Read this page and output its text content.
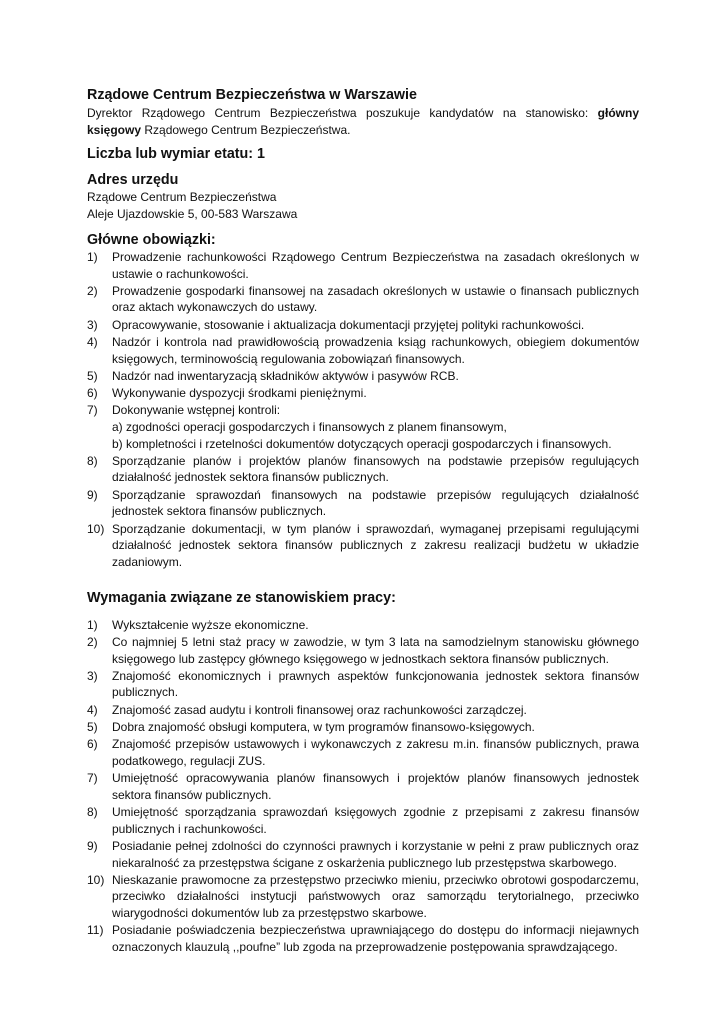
Rządowe Centrum Bezpieczeństwa w Warszawie

Dyrektor Rządowego Centrum Bezpieczeństwa poszukuje kandydatów na stanowisko: główny księgowy Rządowego Centrum Bezpieczeństwa.

Liczba lub wymiar etatu: 1
Adres urzędu

Rządowe Centrum Bezpieczeństwa

Aleje Ujazdowskie 5, 00-583 Warszawa

Główne obowiązki:
1) Prowadzenie rachunkowości Rządowego Centrum Bezpieczeństwa na zasadach określonych w ustawie o rachunkowości.
2) Prowadzenie gospodarki finansowej na zasadach określonych w ustawie o finansach publicznych oraz aktach wykonawczych do ustawy.
3) Opracowywanie, stosowanie i aktualizacja dokumentacji przyjętej polityki rachunkowości.
4) Nadzór i kontrola nad prawidłowością prowadzenia ksiąg rachunkowych, obiegiem dokumentów księgowych, terminowością regulowania zobowiązań finansowych.
5) Nadzór nad inwentaryzacją składników aktywów i pasywów RCB.
6) Wykonywanie dyspozycji środkami pieniężnymi.
7) Dokonywanie wstępnej kontroli:
a) zgodności operacji gospodarczych i finansowych z planem finansowym,
b) kompletności i rzetelności dokumentów dotyczących operacji gospodarczych i finansowych.
8) Sporządzanie planów i projektów planów finansowych na podstawie przepisów regulujących działalność jednostek sektora finansów publicznych.
9) Sporządzanie sprawozdań finansowych na podstawie przepisów regulujących działalność jednostek sektora finansów publicznych.
10) Sporządzanie dokumentacji, w tym planów i sprawozdań, wymaganej przepisami regulującymi działalność jednostek sektora finansów publicznych z zakresu realizacji budżetu w układzie zadaniowym.
Wymagania związane ze stanowiskiem pracy:
1) Wykształcenie wyższe ekonomiczne.
2) Co najmniej 5 letni staż pracy w zawodzie, w tym 3 lata na samodzielnym stanowisku głównego księgowego lub zastępcy głównego księgowego w jednostkach sektora finansów publicznych.
3) Znajomość ekonomicznych i prawnych aspektów funkcjonowania jednostek sektora finansów publicznych.
4) Znajomość zasad audytu i kontroli finansowej oraz rachunkowości zarządczej.
5) Dobra znajomość obsługi komputera, w tym programów finansowo-księgowych.
6) Znajomość przepisów ustawowych i wykonawczych z zakresu m.in. finansów publicznych, prawa podatkowego, regulacji ZUS.
7) Umiejętność opracowywania planów finansowych i projektów planów finansowych jednostek sektora finansów publicznych.
8) Umiejętność sporządzania sprawozdań księgowych zgodnie z przepisami z zakresu finansów publicznych i rachunkowości.
9) Posiadanie pełnej zdolności do czynności prawnych i korzystanie w pełni z praw publicznych oraz niekaralność za przestępstwa ścigane z oskarżenia publicznego lub przestępstwa skarbowego.
10) Nieskazanie prawomocne za przestępstwo przeciwko mieniu, przeciwko obrotowi gospodarczemu, przeciwko działalności instytucji państwowych oraz samorządu terytorialnego, przeciwko wiarygodności dokumentów lub za przestępstwo skarbowe.
11) Posiadanie poświadczenia bezpieczeństwa uprawniającego do dostępu do informacji niejawnych oznaczonych klauzulą ,,poufne” lub zgoda na przeprowadzenie postępowania sprawdzającego.
